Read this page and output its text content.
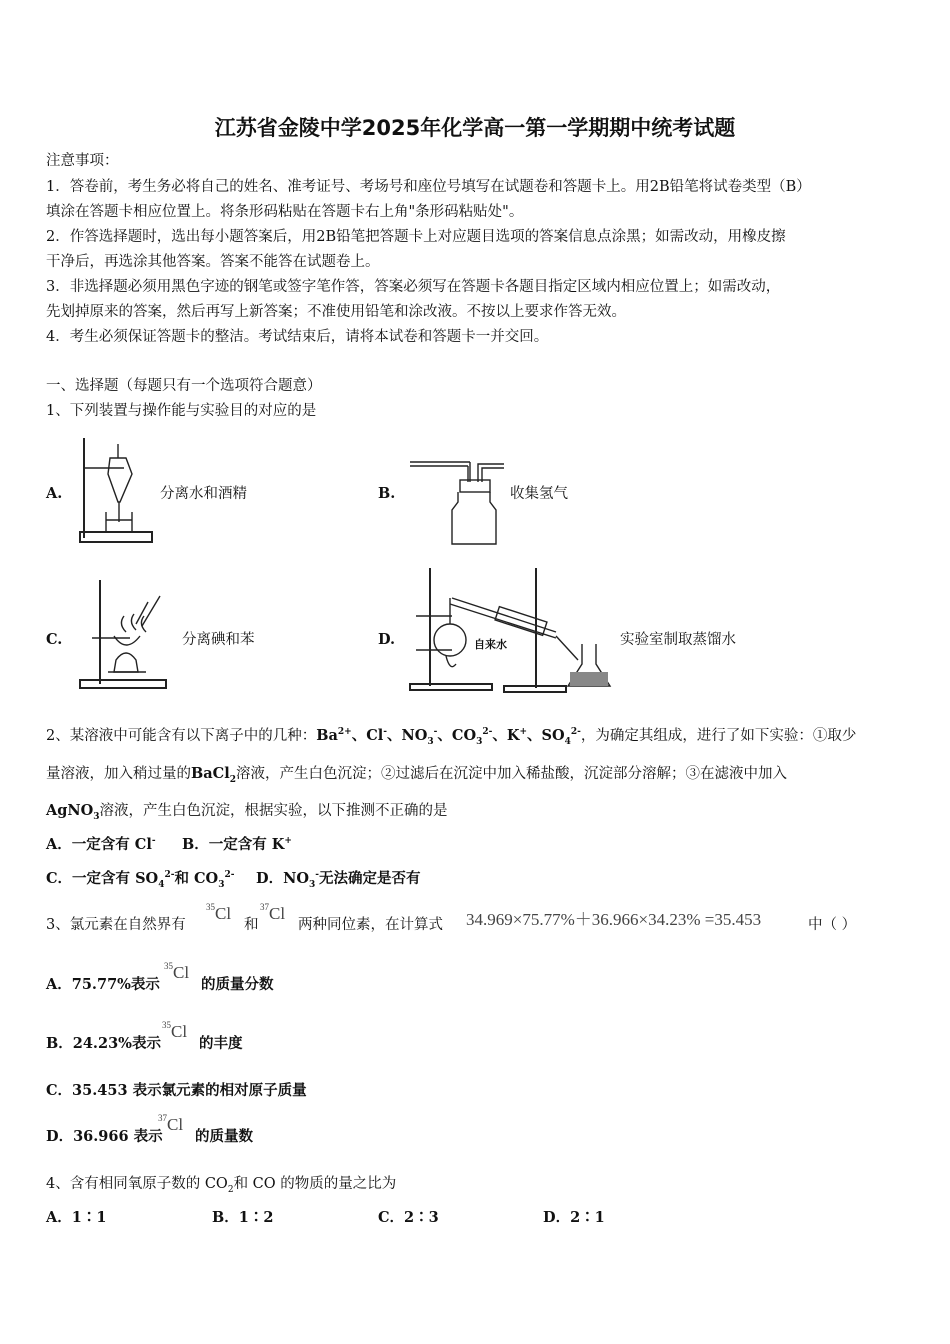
江苏省金陵中学2025年化学高一第一学期期中统考试题
注意事项：
1．答卷前，考生务必将自己的姓名、准考证号、考场号和座位号填写在试题卷和答题卡上。用2B铅笔将试卷类型（B）
填涂在答题卡相应位置上。将条形码粘贴在答题卡右上角"条形码粘贴处"。
2．作答选择题时，选出每小题答案后，用2B铅笔把答题卡上对应题目选项的答案信息点涂黑；如需改动，用橡皮擦
干净后，再选涂其他答案。答案不能答在试题卷上。
3．非选择题必须用黑色字迹的钢笔或签字笔作答，答案必须写在答题卡各题目指定区域内相应位置上；如需改动，
先划掉原来的答案，然后再写上新答案；不准使用铅笔和涂改液。不按以上要求作答无效。
4．考生必须保证答题卡的整洁。考试结束后，请将本试卷和答题卡一并交回。
一、选择题（每题只有一个选项符合题意）
1、下列装置与操作能与实验目的对应的是
A.	分离水和酒精	B.	收集氢气
C.	分离碘和苯	D.	自来水	实验室制取蒸馏水
2、某溶液中可能含有以下离子中的几种：$Ba^{2+}$、Cl-、$NO_3^-$、$CO_3^{2-}$、K+、$SO_4^{2-}$，为确定其组成，进行了如下实验：①取少
量溶液，加入稍过量的BaCl$_2$溶液，产生白色沉淀；②过滤后在沉淀中加入稀盐酸，沉淀部分溶解；③在滤液中加入
AgNO$_3$溶液，产生白色沉淀，根据实验，以下推测不正确的是
A．一定含有 Cl- B．一定含有 K+
C．一定含有 $SO_4^{2-}$和 $CO_3^{2-}$ D．$NO_3^-$无法确定是否有
3、氯元素在自然界有
$^{35}$Cl
和
$^{37}$Cl
两种同位素，在计算式 34.969×75.77%＋36.966×34.23% =35.453	中（ ）
A．75.77%表示
$^{35}$Cl
的质量分数
B．24.23%表示
$^{35}$Cl
的丰度
C．35.453 表示氯元素的相对原子质量
D．36.966 表示
$^{37}$Cl
的质量数
4、含有相同氧原子数的 $CO_2$和 CO 的物质的量之比为
A．1∶1	B．1∶2	C．2∶3	D．2∶1
